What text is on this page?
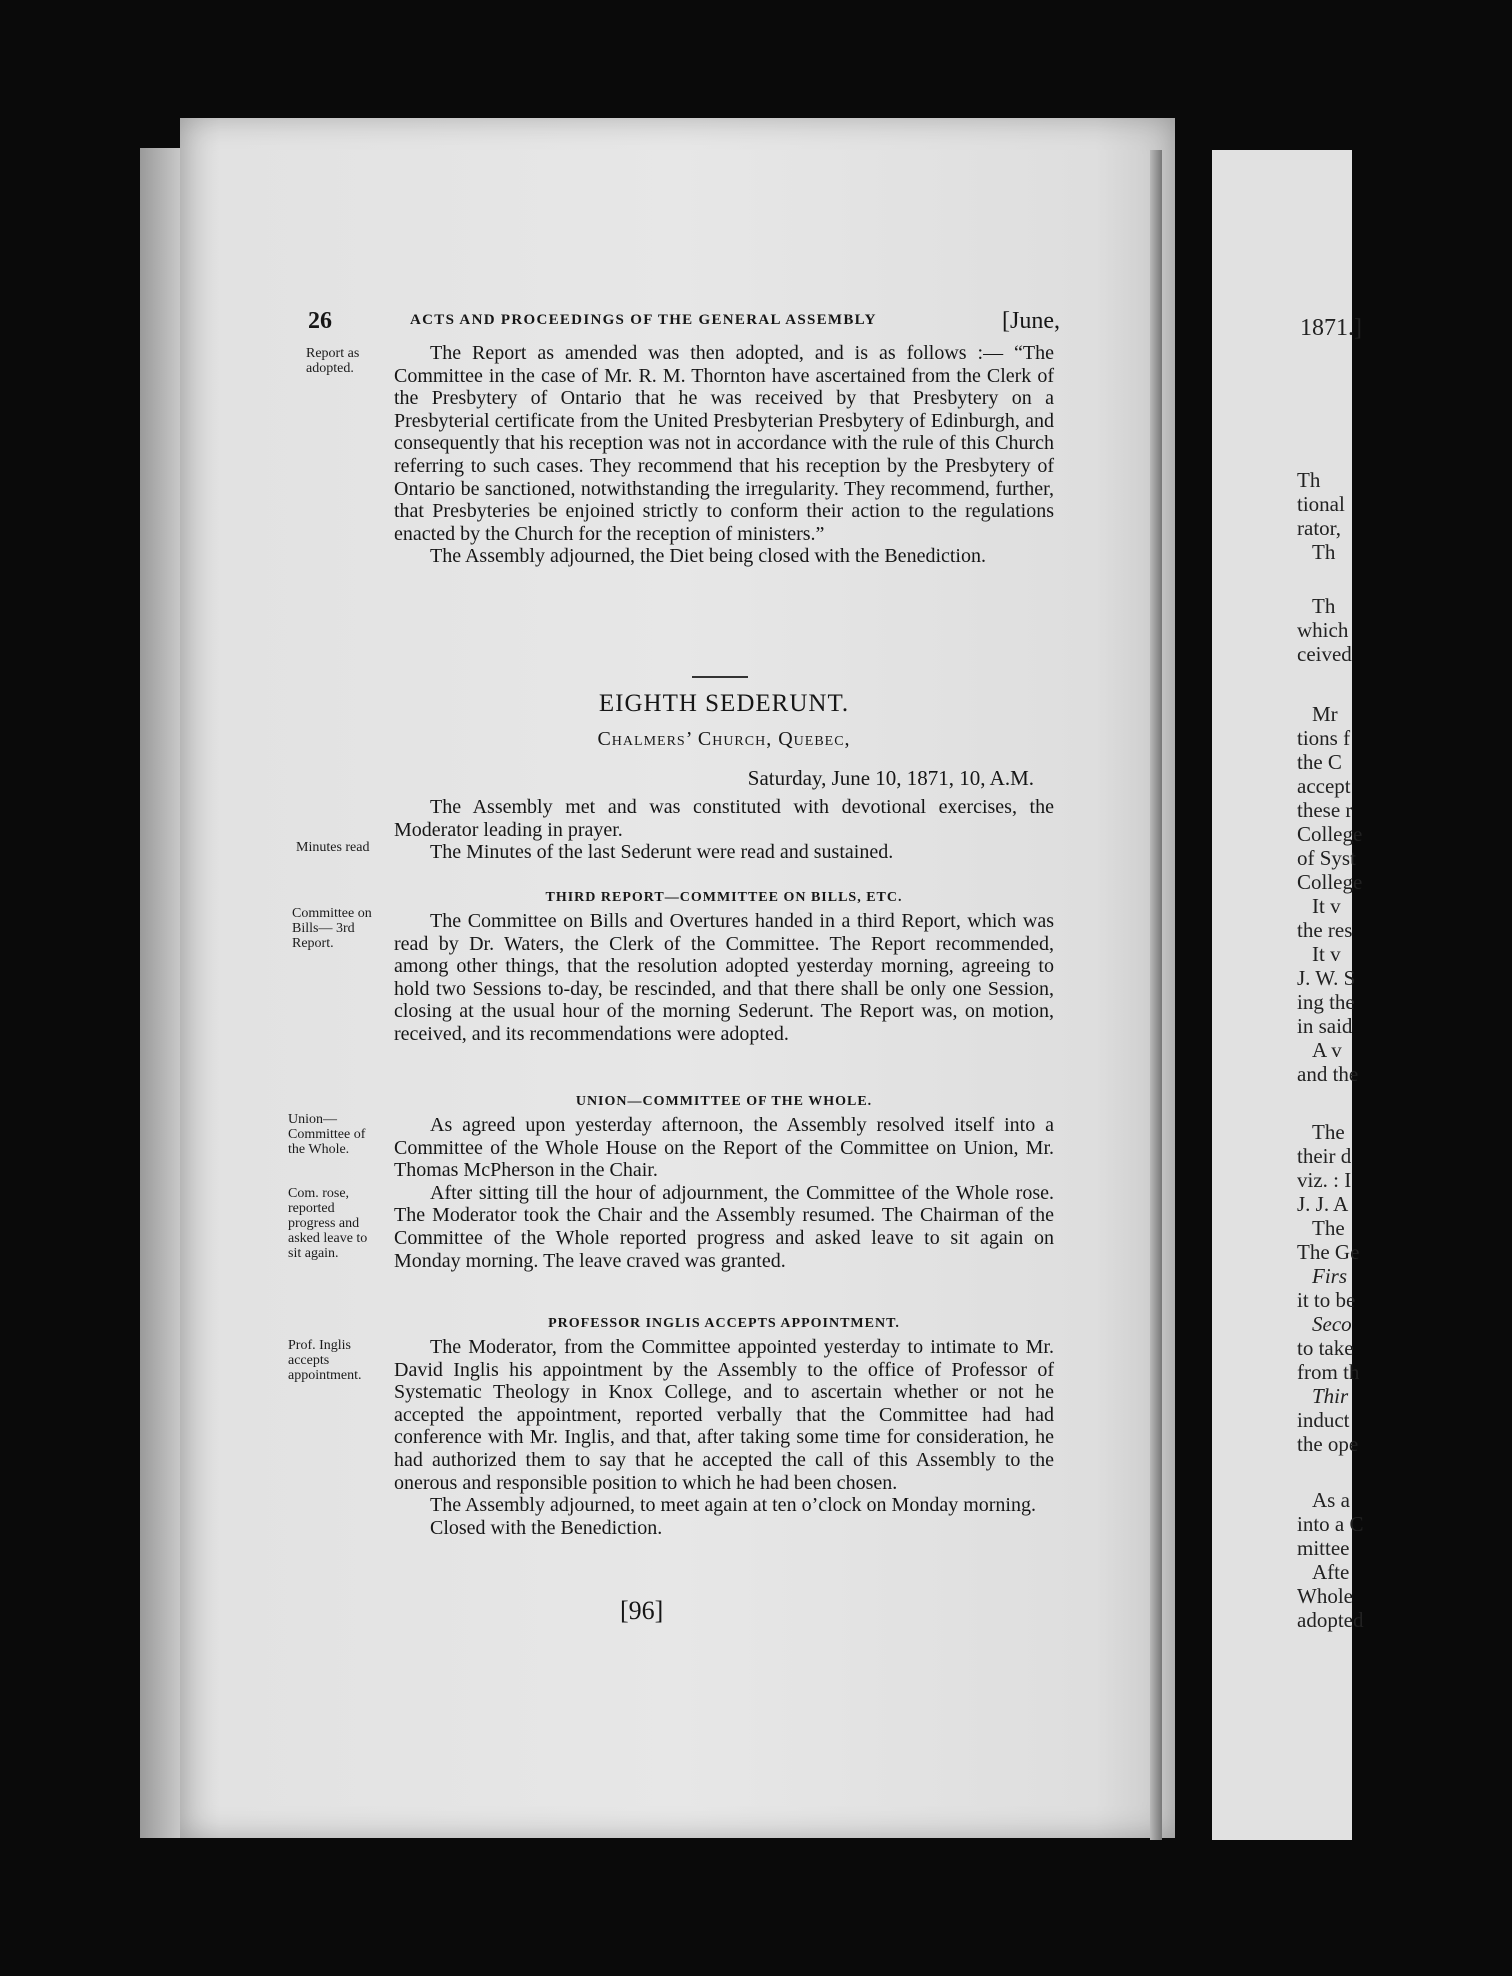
1871.]
Th
tional
rator,
Th
Th
which
ceived
Mr
tions f
the C
accept
these r
College
of Syst
College
It v
the res
It v
J. W. S
ing the
in said
A v
and the
The
their d
viz. : I
J. J. A
The
The Ge
Firs
it to be
Seco
to take
from th
Thir
induct
the ope
As a
into a C
mittee
Afte
Whole
adopted
26	ACTS AND PROCEEDINGS OF THE GENERAL ASSEMBLY	[June,
Report as adopted.
Minutes read
Committee on Bills— 3rd Report.
Union— Committee of the Whole.
Com. rose, reported progress and asked leave to sit again.
Prof. Inglis accepts appointment.

The Report as amended was then adopted, and is as follows :— “The Committee in the case of Mr. R. M. Thornton have ascertained from the Clerk of the Presbytery of Ontario that he was received by that Presbytery on a Presbyterial certificate from the United Presbyterian Presbytery of Edinburgh, and consequently that his reception was not in accordance with the rule of this Church referring to such cases. They recommend that his reception by the Presbytery of Ontario be sanctioned, notwithstanding the irregularity. They recommend, further, that Presbyteries be enjoined strictly to conform their action to the regulations enacted by the Church for the reception of ministers.”

The Assembly adjourned, the Diet being closed with the Benediction.

EIGHTH SEDERUNT.
Chalmers’ Church, Quebec,
Saturday, June 10, 1871, 10, A.M.

The Assembly met and was constituted with devotional exercises, the Moderator leading in prayer.

The Minutes of the last Sederunt were read and sustained.

THIRD REPORT—COMMITTEE ON BILLS, ETC.

The Committee on Bills and Overtures handed in a third Report, which was read by Dr. Waters, the Clerk of the Committee. The Report recommended, among other things, that the resolution adopted yesterday morning, agreeing to hold two Sessions to-day, be rescinded, and that there shall be only one Session, closing at the usual hour of the morning Sederunt. The Report was, on motion, received, and its recommendations were adopted.

UNION—COMMITTEE OF THE WHOLE.

As agreed upon yesterday afternoon, the Assembly resolved itself into a Committee of the Whole House on the Report of the Committee on Union, Mr. Thomas McPherson in the Chair.

After sitting till the hour of adjournment, the Committee of the Whole rose. The Moderator took the Chair and the Assembly resumed. The Chairman of the Committee of the Whole reported progress and asked leave to sit again on Monday morning. The leave craved was granted.

PROFESSOR INGLIS ACCEPTS APPOINTMENT.

The Moderator, from the Committee appointed yesterday to intimate to Mr. David Inglis his appointment by the Assembly to the office of Professor of Systematic Theology in Knox College, and to ascertain whether or not he accepted the appointment, reported verbally that the Committee had had conference with Mr. Inglis, and that, after taking some time for consideration, he had authorized them to say that he accepted the call of this Assembly to the onerous and responsible position to which he had been chosen.

The Assembly adjourned, to meet again at ten o’clock on Monday morning.

Closed with the Benediction.

[96]
